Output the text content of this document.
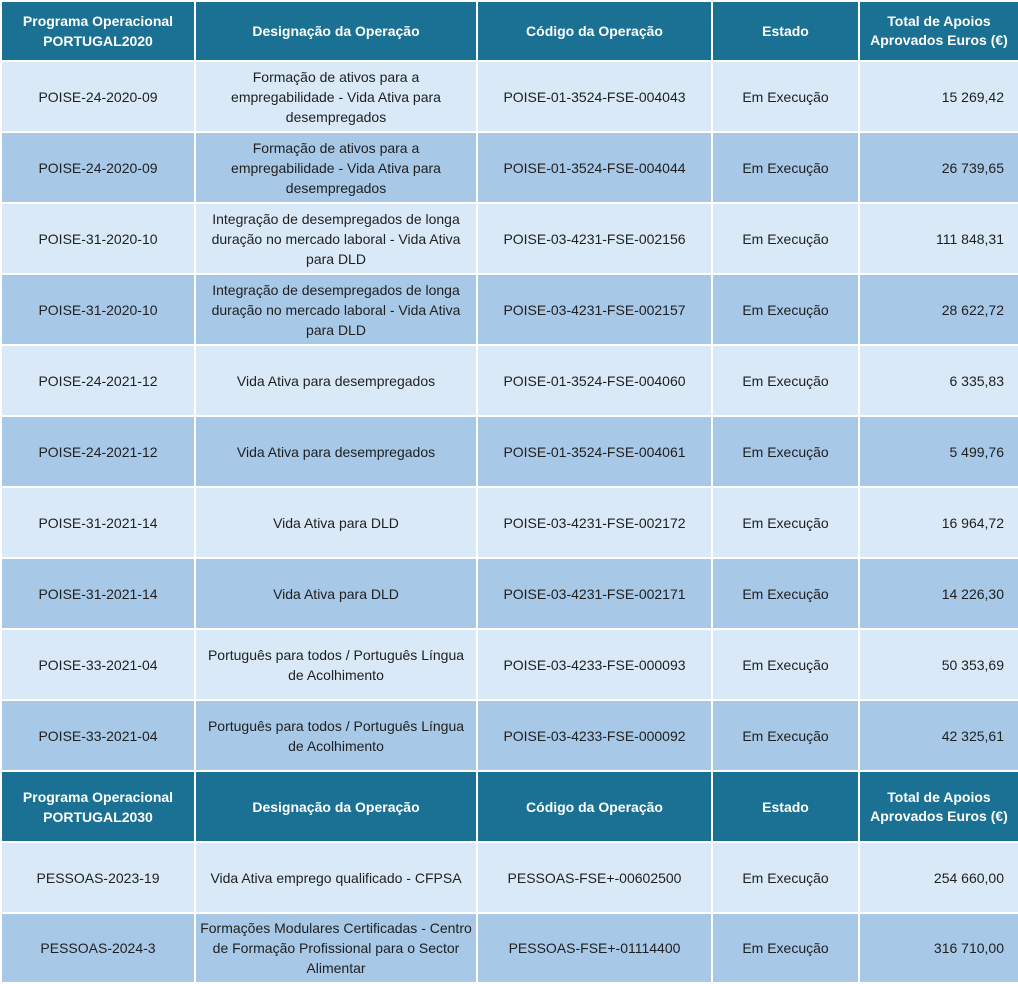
Programa Operacional PORTUGAL2020	Designação da Operação	Código da Operação	Estado	Total de Apoios Aprovados Euros (€)

POISE-24-2020-09	Formação de ativos para a empregabilidade - Vida Ativa para desempregados	POISE-01-3524-FSE-004043	Em Execução	15 269,42

POISE-24-2020-09	Formação de ativos para a empregabilidade - Vida Ativa para desempregados	POISE-01-3524-FSE-004044	Em Execução	26 739,65

POISE-31-2020-10	Integração de desempregados de longa duração no mercado laboral - Vida Ativa para DLD	POISE-03-4231-FSE-002156	Em Execução	111 848,31

POISE-31-2020-10	Integração de desempregados de longa duração no mercado laboral - Vida Ativa para DLD	POISE-03-4231-FSE-002157	Em Execução	28 622,72

POISE-24-2021-12	Vida Ativa para desempregados	POISE-01-3524-FSE-004060	Em Execução	6 335,83

POISE-24-2021-12	Vida Ativa para desempregados	POISE-01-3524-FSE-004061	Em Execução	5 499,76

POISE-31-2021-14	Vida Ativa para DLD	POISE-03-4231-FSE-002172	Em Execução	16 964,72

POISE-31-2021-14	Vida Ativa para DLD	POISE-03-4231-FSE-002171	Em Execução	14 226,30

POISE-33-2021-04	Português para todos / Português Língua de Acolhimento	POISE-03-4233-FSE-000093	Em Execução	50 353,69

POISE-33-2021-04	Português para todos / Português Língua de Acolhimento	POISE-03-4233-FSE-000092	Em Execução	42 325,61

Programa Operacional PORTUGAL2030	Designação da Operação	Código da Operação	Estado	Total de Apoios Aprovados Euros (€)

PESSOAS-2023-19	Vida Ativa emprego qualificado - CFPSA	PESSOAS-FSE+-00602500	Em Execução	254 660,00

PESSOAS-2024-3	Formações Modulares Certificadas - Centro de Formação Profissional para o Sector Alimentar	PESSOAS-FSE+-01114400	Em Execução	316 710,00
